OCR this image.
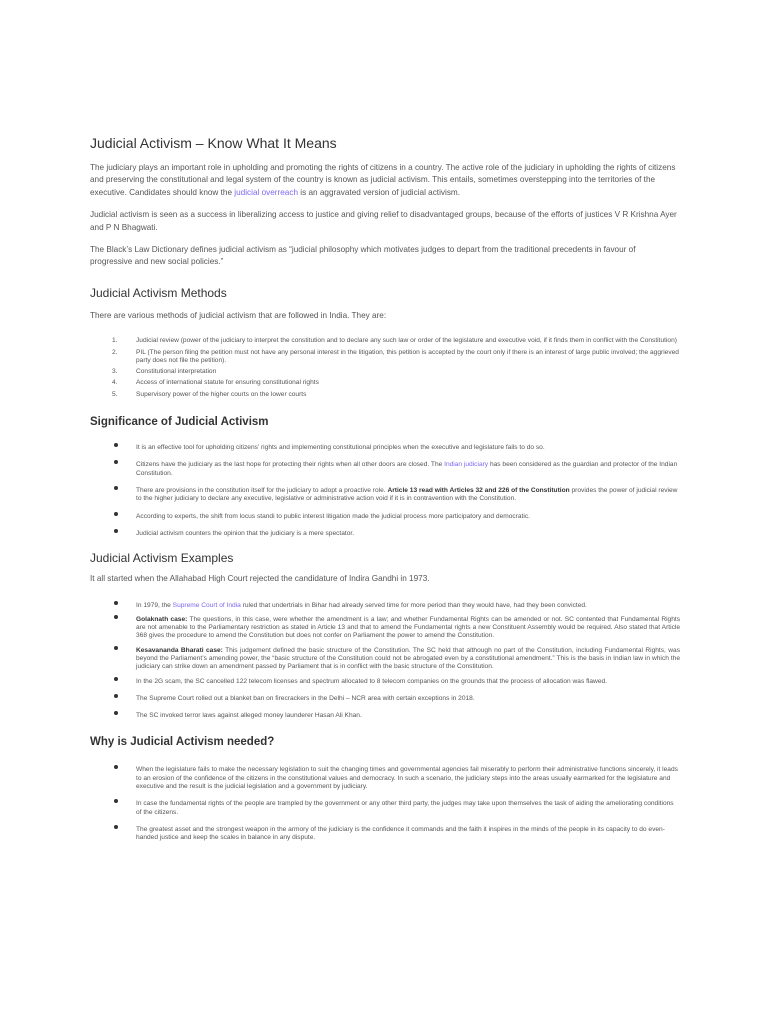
Judicial Activism – Know What It Means

The judiciary plays an important role in upholding and promoting the rights of citizens in a country. The active role of the judiciary in upholding the rights of citizens and preserving the constitutional and legal system of the country is known as judicial activism. This entails, sometimes overstepping into the territories of the executive. Candidates should know the judicial overreach is an aggravated version of judicial activism.

Judicial activism is seen as a success in liberalizing access to justice and giving relief to disadvantaged groups, because of the efforts of justices V R Krishna Ayer and P N Bhagwati.

The Black’s Law Dictionary defines judicial activism as “judicial philosophy which motivates judges to depart from the traditional precedents in favour of progressive and new social policies.”

Judicial Activism Methods

There are various methods of judicial activism that are followed in India. They are:

1.	Judicial review (power of the judiciary to interpret the constitution and to declare any such law or order of the legislature and executive void, if it finds them in conflict with the Constitution)
2.	PIL (The person filing the petition must not have any personal interest in the litigation, this petition is accepted by the court only if there is an interest of large public involved; the aggrieved party does not file the petition).
3.	Constitutional interpretation
4.	Access of international statute for ensuring constitutional rights
5.	Supervisory power of the higher courts on the lower courts
Significance of Judicial Activism
It is an effective tool for upholding citizens’ rights and implementing constitutional principles when the executive and legislature fails to do so.
Citizens have the judiciary as the last hope for protecting their rights when all other doors are closed. The Indian judiciary has been considered as the guardian and protector of the Indian Constitution.
There are provisions in the constitution itself for the judiciary to adopt a proactive role. Article 13 read with Articles 32 and 226 of the Constitution provides the power of judicial review to the higher judiciary to declare any executive, legislative or administrative action void if it is in contravention with the Constitution.
According to experts, the shift from locus standi to public interest litigation made the judicial process more participatory and democratic.
Judicial activism counters the opinion that the judiciary is a mere spectator.
Judicial Activism Examples

It all started when the Allahabad High Court rejected the candidature of Indira Gandhi in 1973.

In 1979, the Supreme Court of India ruled that undertrials in Bihar had already served time for more period than they would have, had they been convicted.
Golaknath case: The questions, in this case, were whether the amendment is a law; and whether Fundamental Rights can be amended or not. SC contented that Fundamental Rights are not amenable to the Parliamentary restriction as stated in Article 13 and that to amend the Fundamental rights a new Constituent Assembly would be required. Also stated that Article 368 gives the procedure to amend the Constitution but does not confer on Parliament the power to amend the Constitution.
Kesavananda Bharati case: This judgement defined the basic structure of the Constitution. The SC held that although no part of the Constitution, including Fundamental Rights, was beyond the Parliament’s amending power, the “basic structure of the Constitution could not be abrogated even by a constitutional amendment.” This is the basis in Indian law in which the judiciary can strike down an amendment passed by Parliament that is in conflict with the basic structure of the Constitution.
In the 2G scam, the SC cancelled 122 telecom licenses and spectrum allocated to 8 telecom companies on the grounds that the process of allocation was flawed.
The Supreme Court rolled out a blanket ban on firecrackers in the Delhi – NCR area with certain exceptions in 2018.
The SC invoked terror laws against alleged money launderer Hasan Ali Khan.
Why is Judicial Activism needed?
When the legislature fails to make the necessary legislation to suit the changing times and governmental agencies fail miserably to perform their administrative functions sincerely, it leads to an erosion of the confidence of the citizens in the constitutional values and democracy. In such a scenario, the judiciary steps into the areas usually earmarked for the legislature and executive and the result is the judicial legislation and a government by judiciary.
In case the fundamental rights of the people are trampled by the government or any other third party, the judges may take upon themselves the task of aiding the ameliorating conditions of the citizens.
The greatest asset and the strongest weapon in the armory of the judiciary is the confidence it commands and the faith it inspires in the minds of the people in its capacity to do even-handed justice and keep the scales in balance in any dispute.
